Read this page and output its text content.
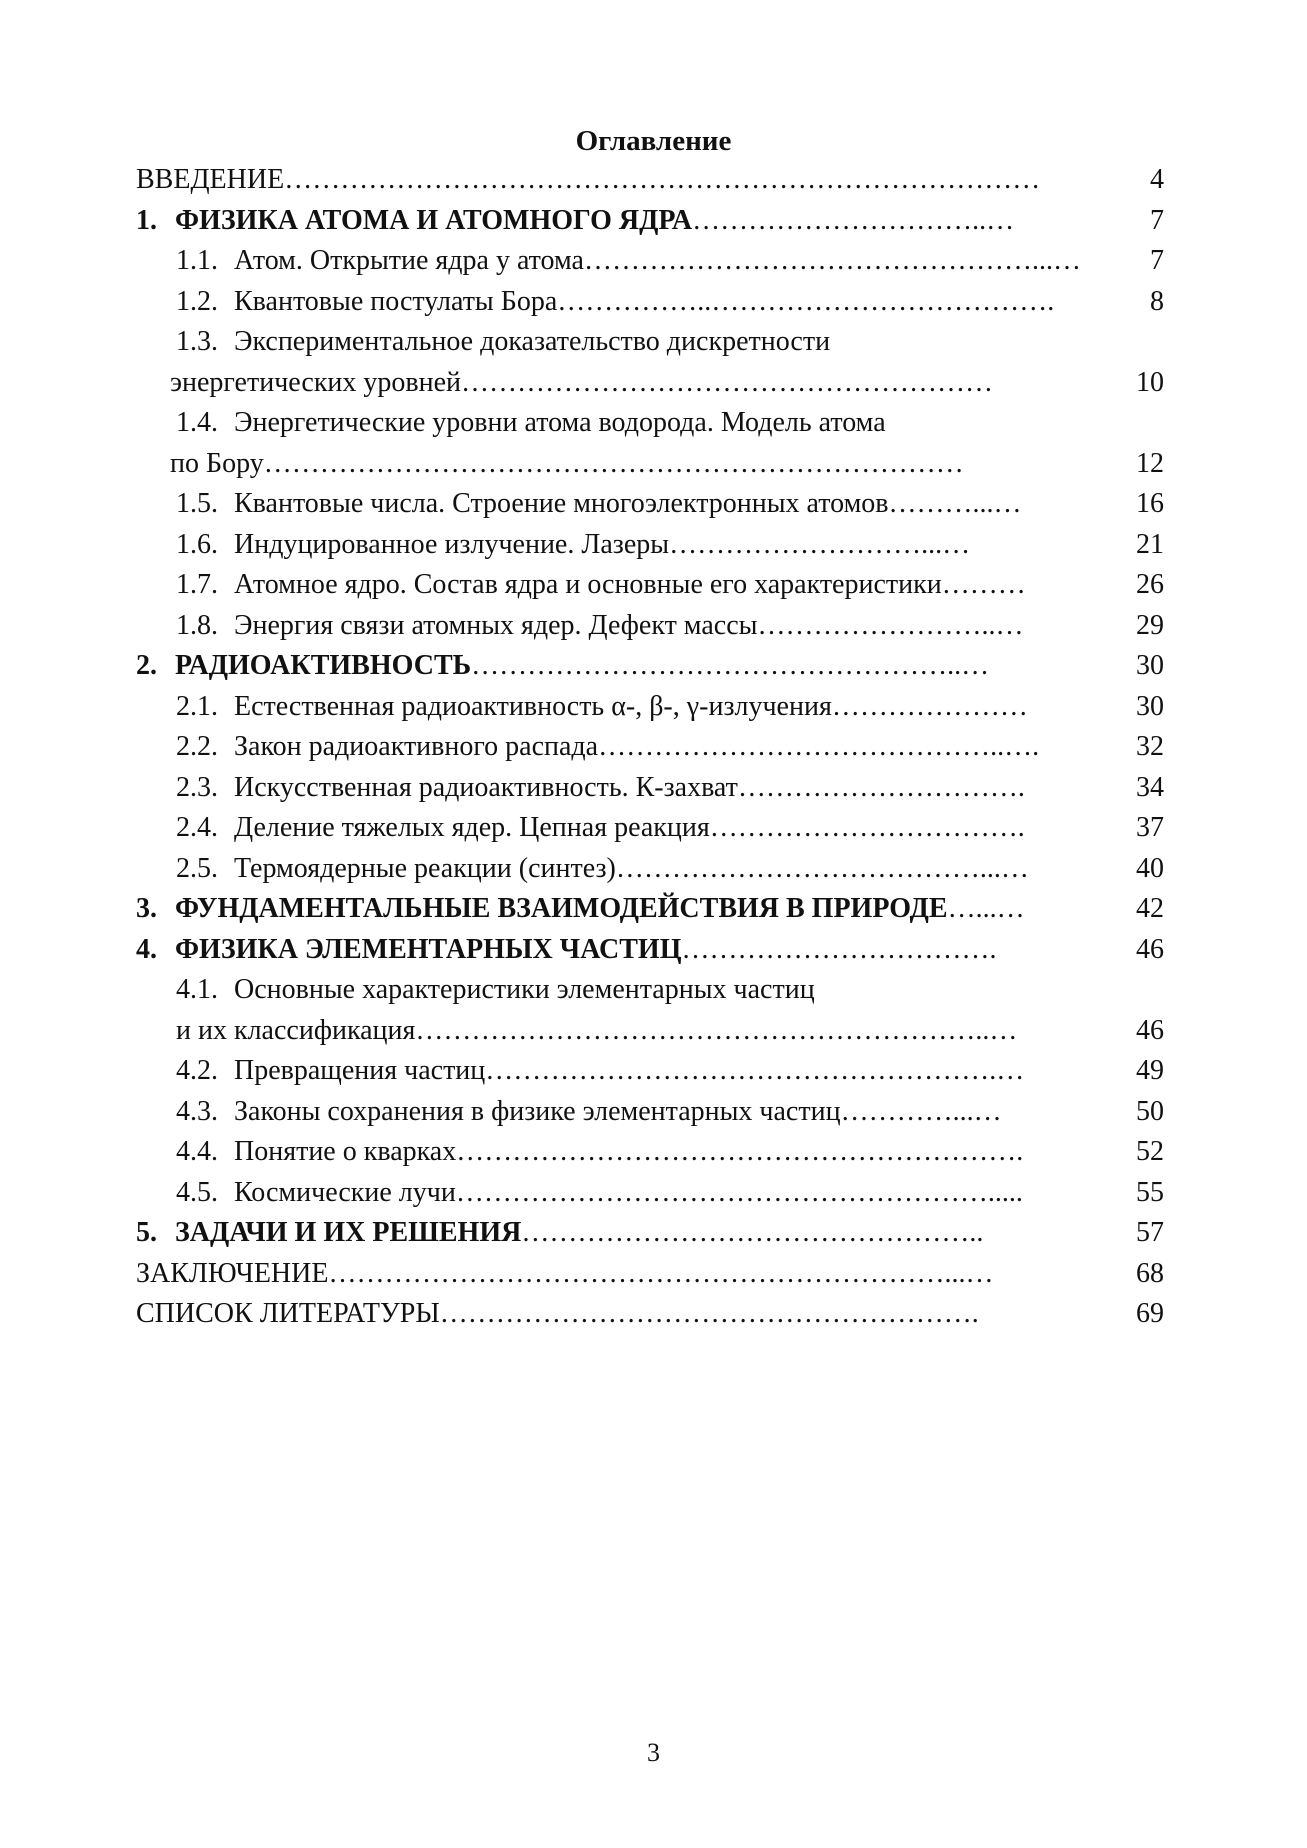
Оглавление
ВВЕДЕНИЕ………………………………………………………………………	4
1. ФИЗИКА АТОМА И АТОМНОГО ЯДРА…………………………..…	7
1.1. Атом. Открытие ядра у атома…………………………………………...…	7
1.2. Квантовые постулаты Бора……………..……………………………….	8
1.3. Экспериментальное доказательство дискретности
энергетических уровней…………………………………………………	10
1.4. Энергетические уровни атома водорода. Модель атома
по Бору…………………………………………………………………	12
1.5. Квантовые числа. Строение многоэлектронных атомов………...…	16
1.6. Индуцированное излучение. Лазеры………………………...…	21
1.7. Атомное ядро. Состав ядра и основные его характеристики………	26
1.8. Энергия связи атомных ядер. Дефект массы……………………..…	29
2. РАДИОАКТИВНОСТЬ……………………………………………..…	30
2.1. Естественная радиоактивность α-, β-, γ-излучения…………………	30
2.2. Закон радиоактивного распада……………………………………..….	32
2.3. Искусственная радиоактивность. К-захват………………………….	34
2.4. Деление тяжелых ядер. Цепная реакция…………………………….	37
2.5. Термоядерные реакции (синтез)…………………………………...…	40
3. ФУНДАМЕНТАЛЬНЫЕ ВЗАИМОДЕЙСТВИЯ В ПРИРОДЕ…...…	42
4. ФИЗИКА ЭЛЕМЕНТАРНЫХ ЧАСТИЦ…………………………….	46
4.1. Основные характеристики элементарных частиц
и их классификация……………………………………………………..…	46
4.2. Превращения частиц……………………………………………….…	49
4.3. Законы сохранения в физике элементарных частиц…………...…	50
4.4. Понятие о кварках…………………………………………………….	52
4.5. Космические лучи………………………………………………….....	55
5. ЗАДАЧИ И ИХ РЕШЕНИЯ…………………………………………..	57
ЗАКЛЮЧЕНИЕ…………………………………………………………...…	68
СПИСОК ЛИТЕРАТУРЫ………………………………………………….	69
3
